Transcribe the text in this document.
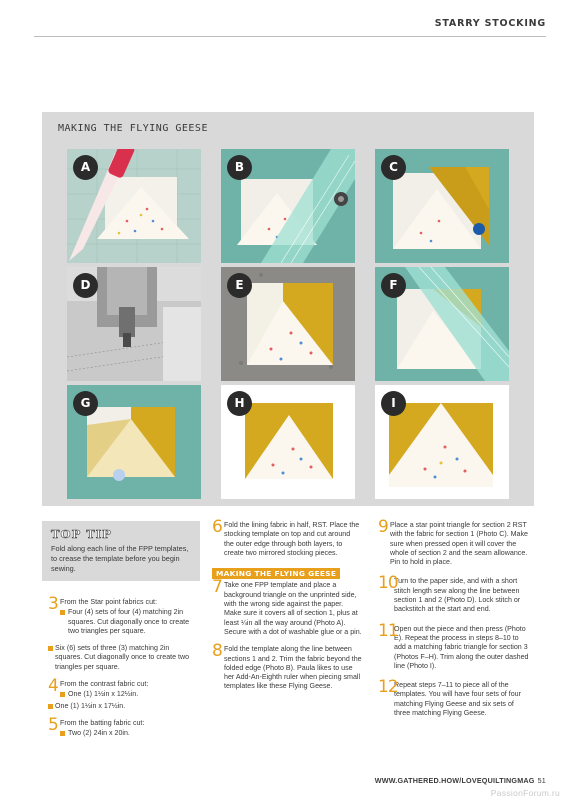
STARRY STOCKING
MAKING THE FLYING GEESE
A	B	C
D	E	F
G	H	I
TOP TIP
Fold along each line of the FPP templates, to crease the template before you begin sewing.
3 From the Star point fabrics cut:
Four (4) sets of four (4) matching 2in squares. Cut diagonally once to create two triangles per square.
Six (6) sets of three (3) matching 2in squares. Cut diagonally once to create two triangles per square.
4 From the contrast fabric cut:
One (1) 1½in x 12½in.
One (1) 1½in x 17½in.
5 From the batting fabric cut:
Two (2) 24in x 20in.
6 Fold the lining fabric in half, RST. Place the stocking template on top and cut around the outer edge through both layers, to create two mirrored stocking pieces.
MAKING THE FLYING GEESE
7 Take one FPP template and place a background triangle on the unprinted side, with the wrong side against the paper. Make sure it covers all of section 1, plus at least ¼in all the way around (Photo A). Secure with a dot of washable glue or a pin.
8 Fold the template along the line between sections 1 and 2. Trim the fabric beyond the folded edge (Photo B). Paula likes to use her Add-An-Eighth ruler when piecing small templates like these Flying Geese.
9 Place a star point triangle for section 2 RST with the fabric for section 1 (Photo C). Make sure when pressed open it will cover the whole of section 2 and the seam allowance. Pin to hold in place.
10
Turn to the paper side, and with a short stitch length sew along the line between section 1 and 2 (Photo D). Lock stitch or backstitch at the start and end.
11
Open out the piece and then press (Photo E). Repeat the process in steps 8–10 to add a matching fabric triangle for section 3 (Photos F–H). Trim along the outer dashed line (Photo I).
12
Repeat steps 7–11 to piece all of the templates. You will have four sets of four matching Flying Geese and six sets of three matching Flying Geese.
WWW.GATHERED.HOW/LOVEQUILTINGMAG 51
PassionForum.ru
